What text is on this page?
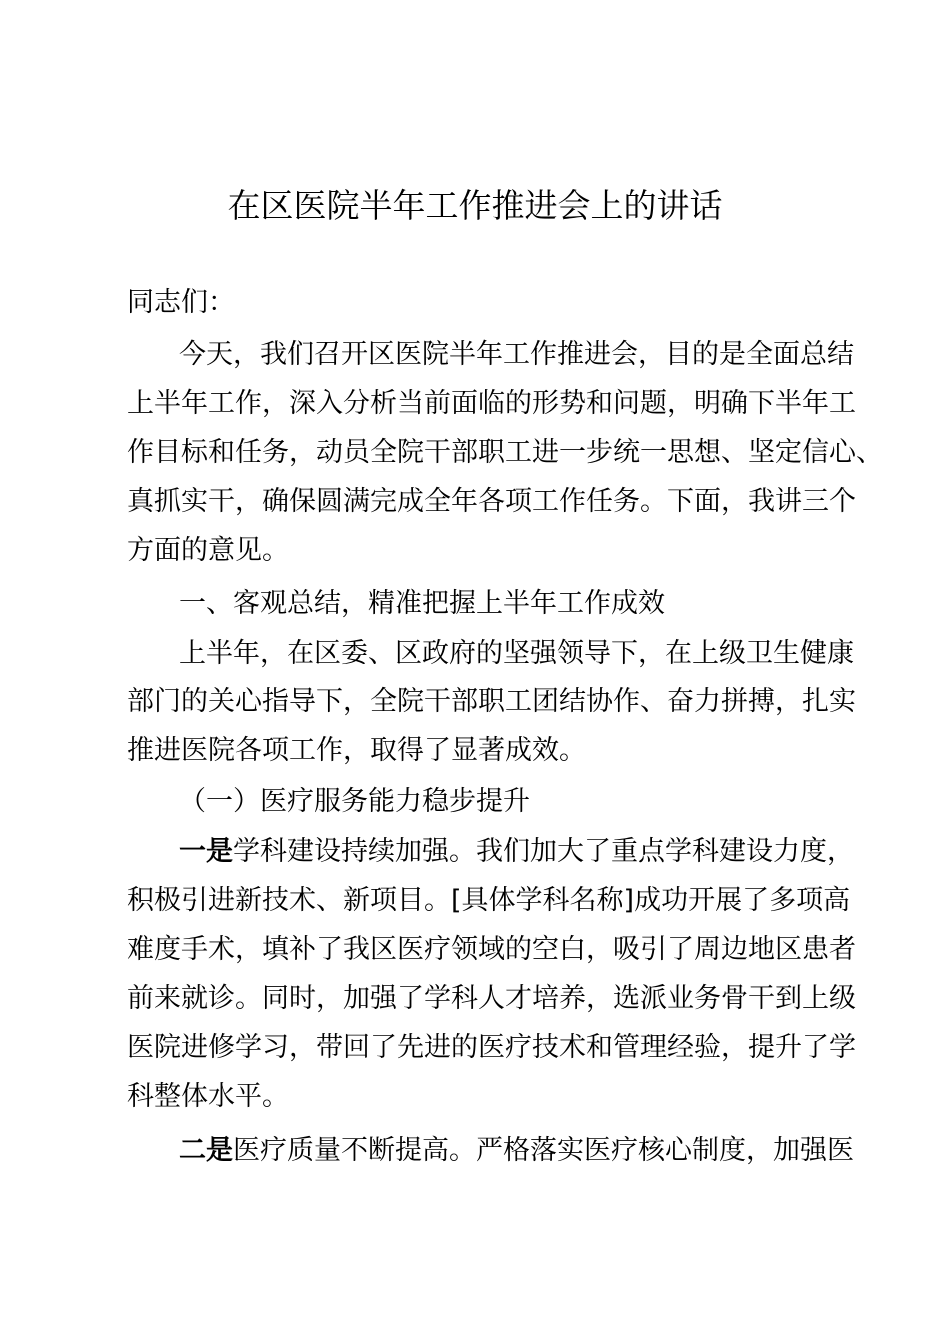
在区医院半年工作推进会上的讲话
同志们：
今天，我们召开区医院半年工作推进会，目的是全面总结
上半年工作，深入分析当前面临的形势和问题，明确下半年工
作目标和任务，动员全院干部职工进一步统一思想、坚定信心、
真抓实干，确保圆满完成全年各项工作任务。下面，我讲三个
方面的意见。
一、客观总结，精准把握上半年工作成效
上半年，在区委、区政府的坚强领导下，在上级卫生健康
部门的关心指导下，全院干部职工团结协作、奋力拼搏，扎实
推进医院各项工作，取得了显著成效。
（一）医疗服务能力稳步提升
一是学科建设持续加强。我们加大了重点学科建设力度，
积极引进新技术、新项目。[具体学科名称]成功开展了多项高
难度手术，填补了我区医疗领域的空白，吸引了周边地区患者
前来就诊。同时，加强了学科人才培养，选派业务骨干到上级
医院进修学习，带回了先进的医疗技术和管理经验，提升了学
科整体水平。
二是医疗质量不断提高。严格落实医疗核心制度，加强医
